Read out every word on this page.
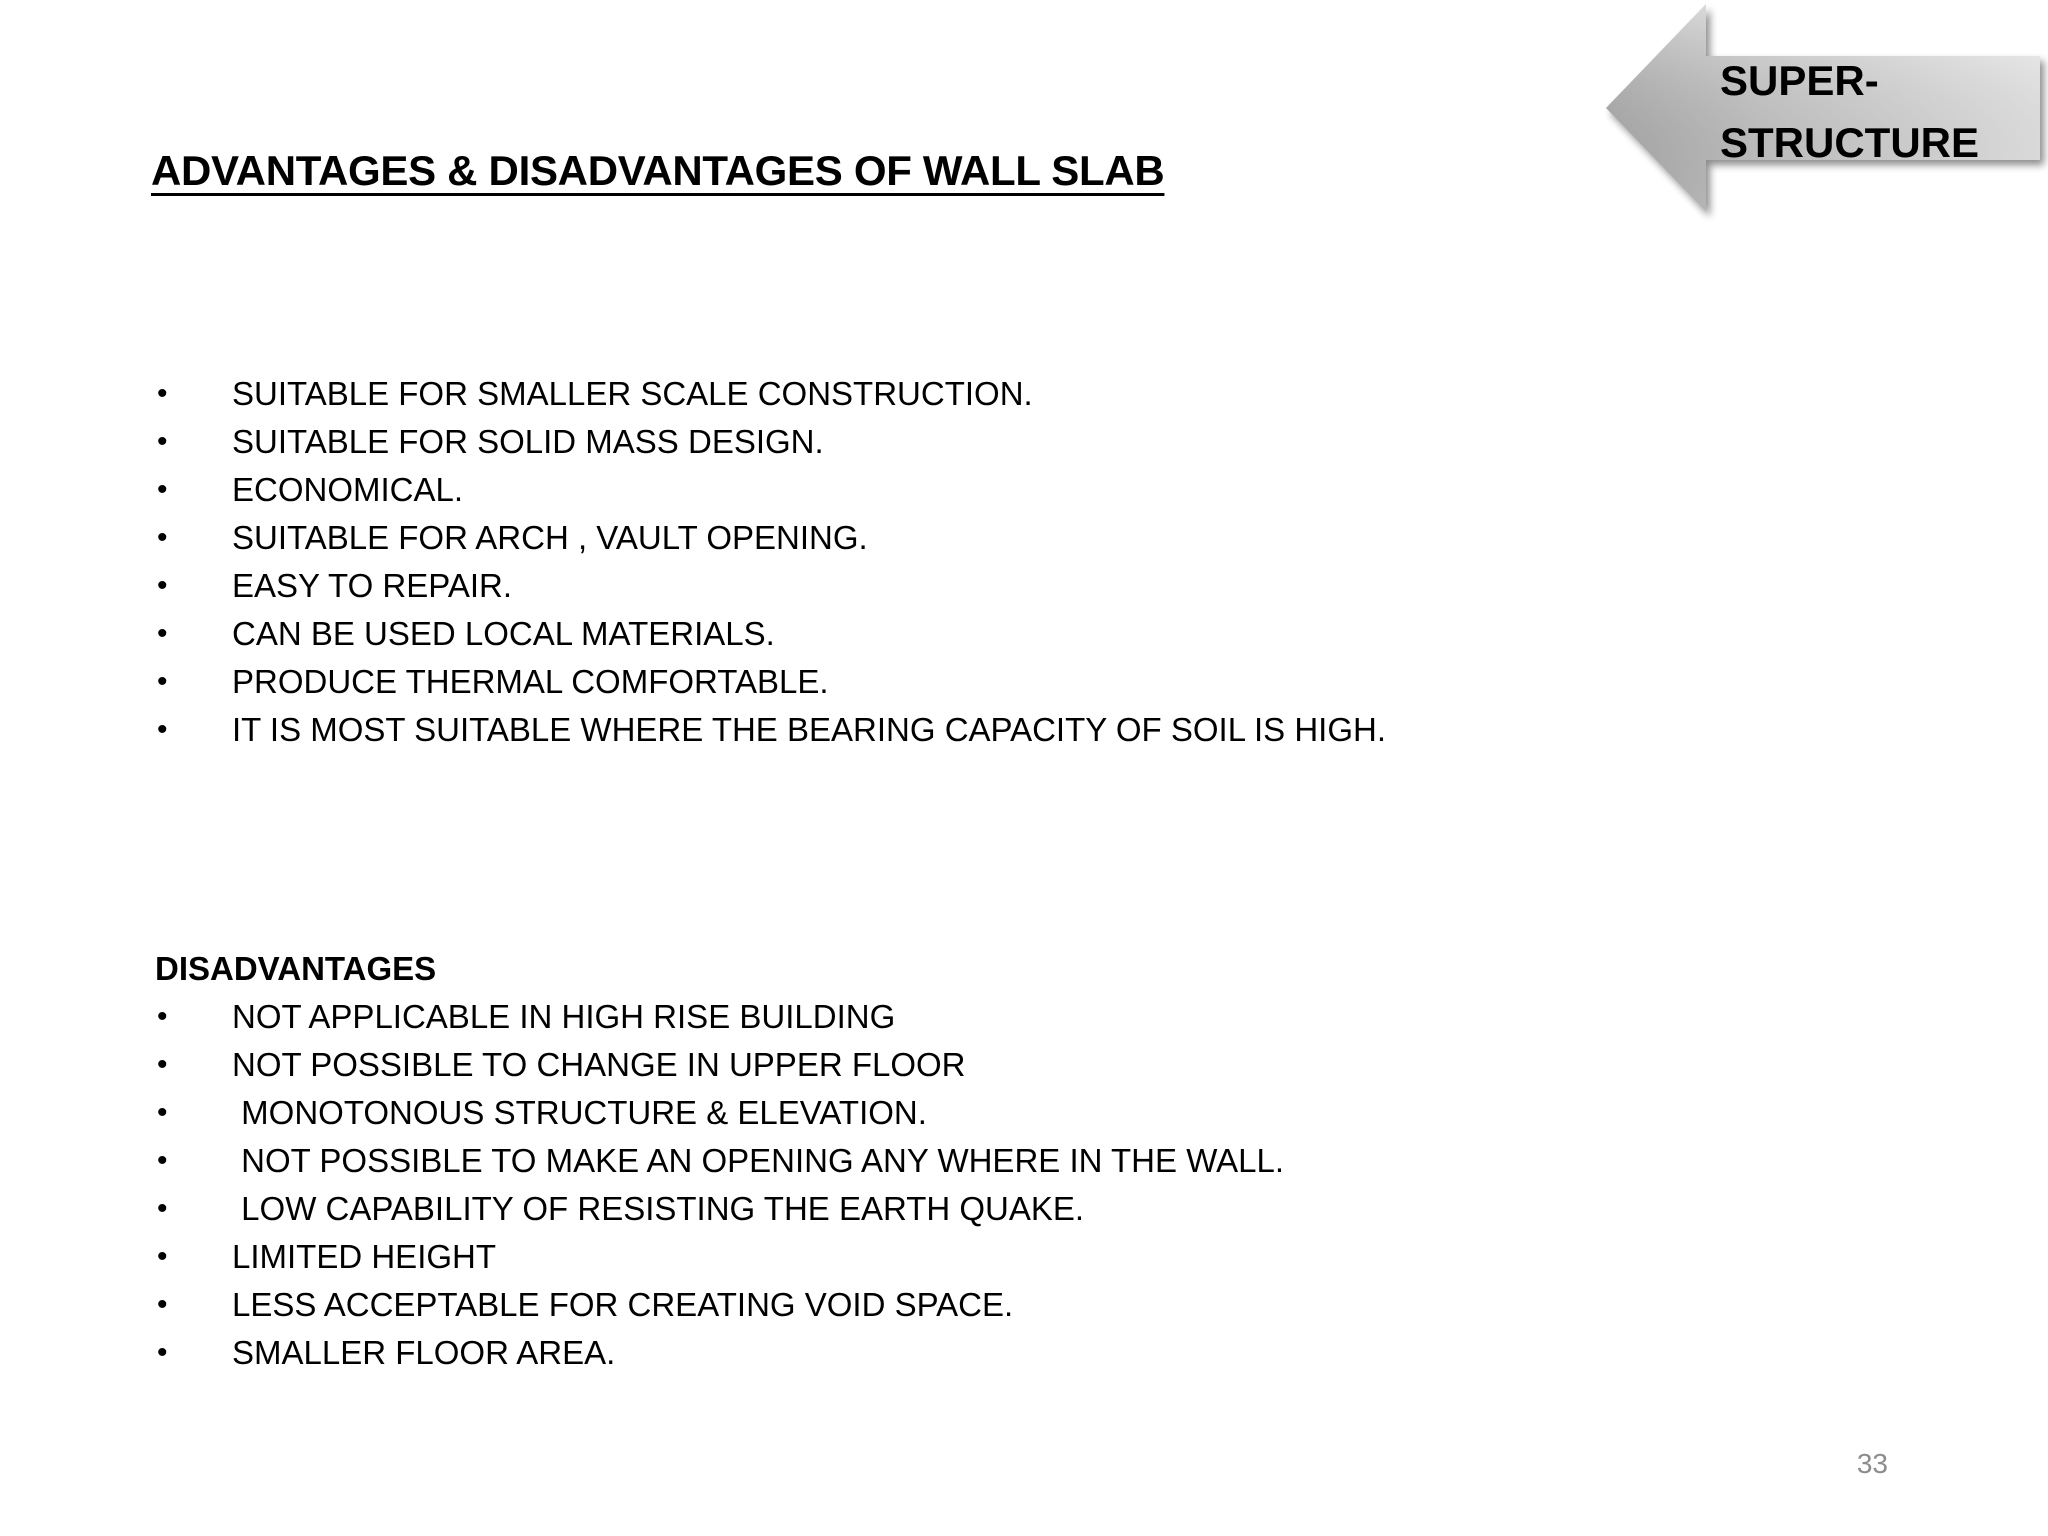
ADVANTAGES & DISADVANTAGES OF WALL SLAB
SUPER-
STRUCTURE
• SUITABLE FOR SMALLER SCALE CONSTRUCTION.
• SUITABLE FOR SOLID MASS DESIGN.
• ECONOMICAL.
• SUITABLE FOR ARCH , VAULT OPENING.
• EASY TO REPAIR.
• CAN BE USED LOCAL MATERIALS.
• PRODUCE THERMAL COMFORTABLE.
• IT IS MOST SUITABLE WHERE THE BEARING CAPACITY OF SOIL IS HIGH.
DISADVANTAGES
• NOT APPLICABLE IN HIGH RISE BUILDING
• NOT POSSIBLE TO CHANGE IN UPPER FLOOR
• MONOTONOUS STRUCTURE & ELEVATION.
• NOT POSSIBLE TO MAKE AN OPENING ANY WHERE IN THE WALL.
• LOW CAPABILITY OF RESISTING THE EARTH QUAKE.
• LIMITED HEIGHT
• LESS ACCEPTABLE FOR CREATING VOID SPACE.
• SMALLER FLOOR AREA.
33
